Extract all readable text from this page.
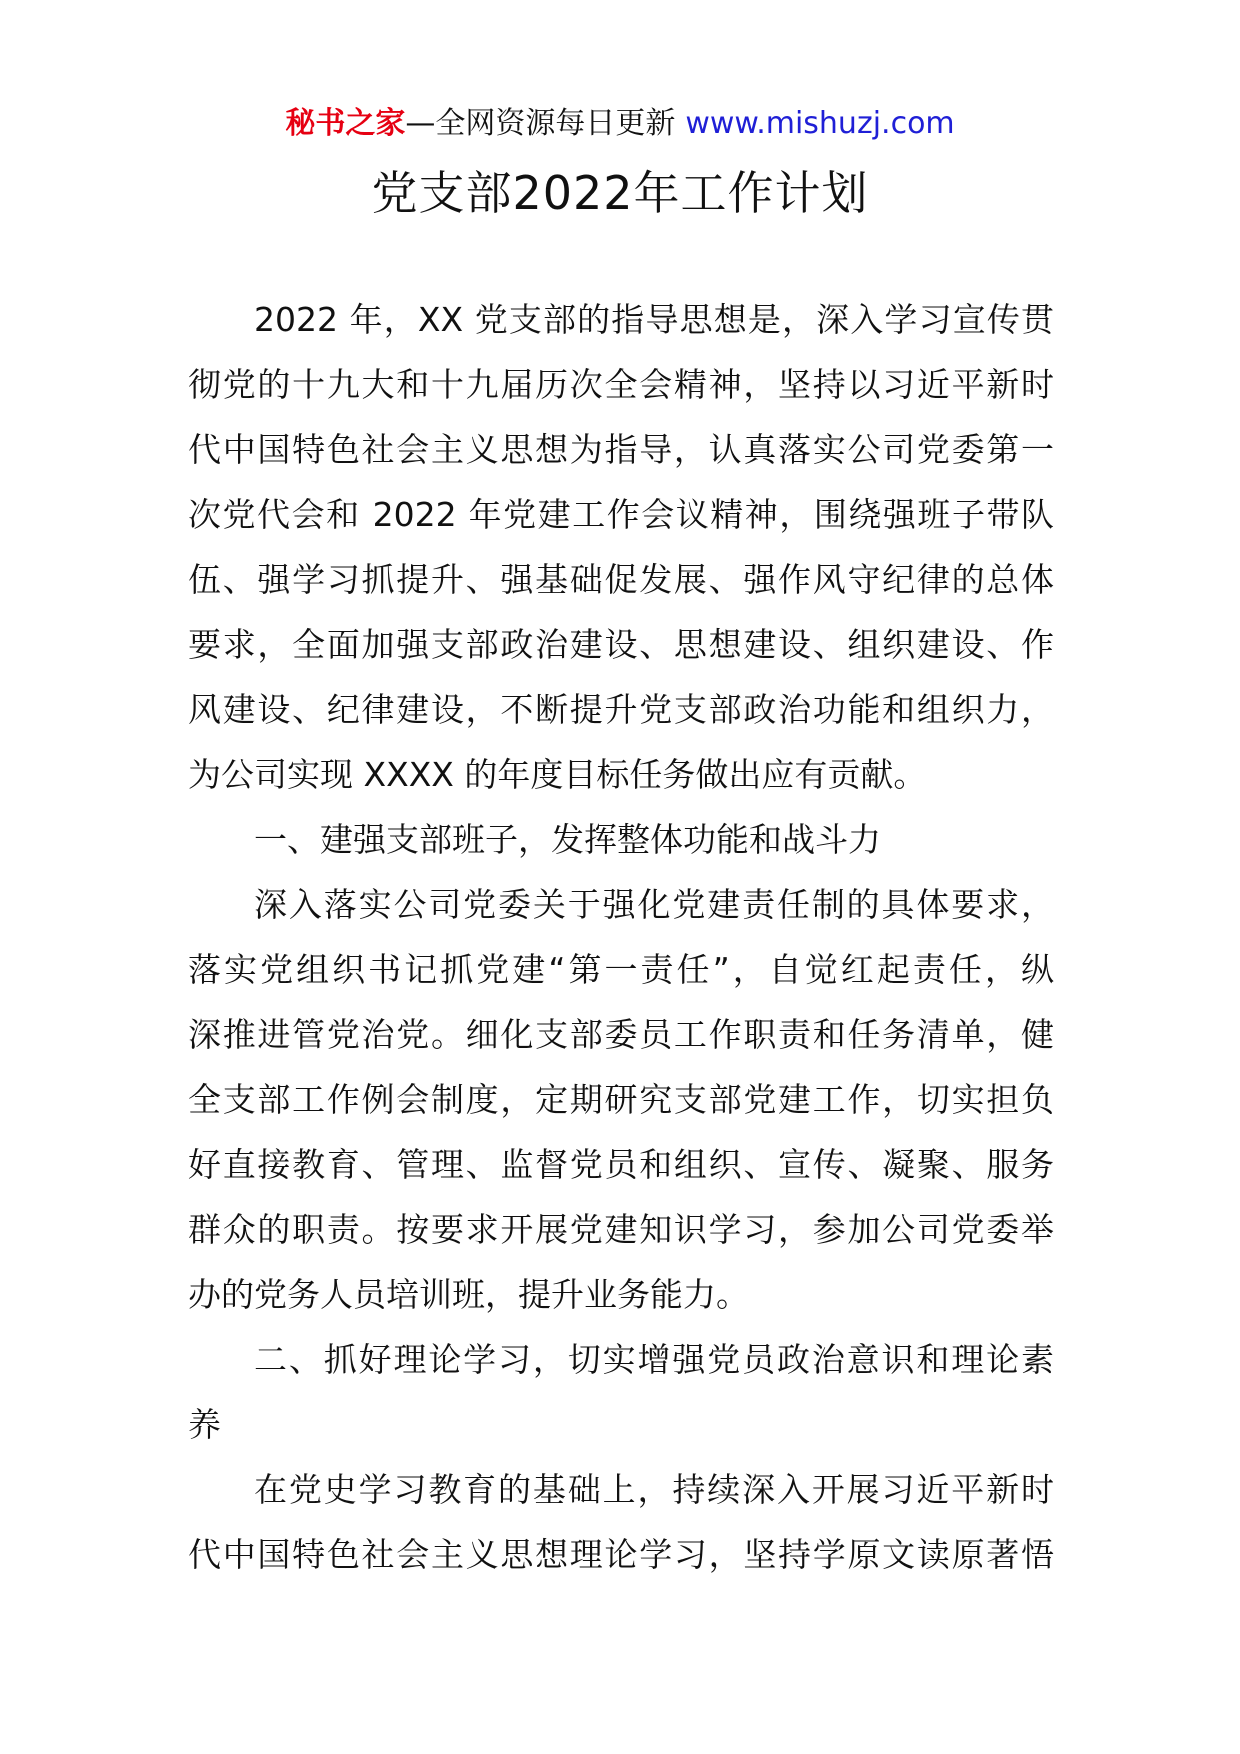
秘书之家—全网资源每日更新 www.mishuzj.com
党支部2022年工作计划
2022 年，XX 党支部的指导思想是，深入学习宣传贯
彻党的十九大和十九届历次全会精神，坚持以习近平新时
代中国特色社会主义思想为指导，认真落实公司党委第一
次党代会和 2022 年党建工作会议精神，围绕强班子带队
伍、强学习抓提升、强基础促发展、强作风守纪律的总体
要求，全面加强支部政治建设、思想建设、组织建设、作
风建设、纪律建设，不断提升党支部政治功能和组织力，
为公司实现 XXXX 的年度目标任务做出应有贡献。
一、建强支部班子，发挥整体功能和战斗力
深入落实公司党委关于强化党建责任制的具体要求，
落实党组织书记抓党建“第一责任”，自觉红起责任，纵
深推进管党治党。细化支部委员工作职责和任务清单，健
全支部工作例会制度，定期研究支部党建工作，切实担负
好直接教育、管理、监督党员和组织、宣传、凝聚、服务
群众的职责。按要求开展党建知识学习，参加公司党委举
办的党务人员培训班，提升业务能力。
二、抓好理论学习，切实增强党员政治意识和理论素
养
在党史学习教育的基础上，持续深入开展习近平新时
代中国特色社会主义思想理论学习，坚持学原文读原著悟
